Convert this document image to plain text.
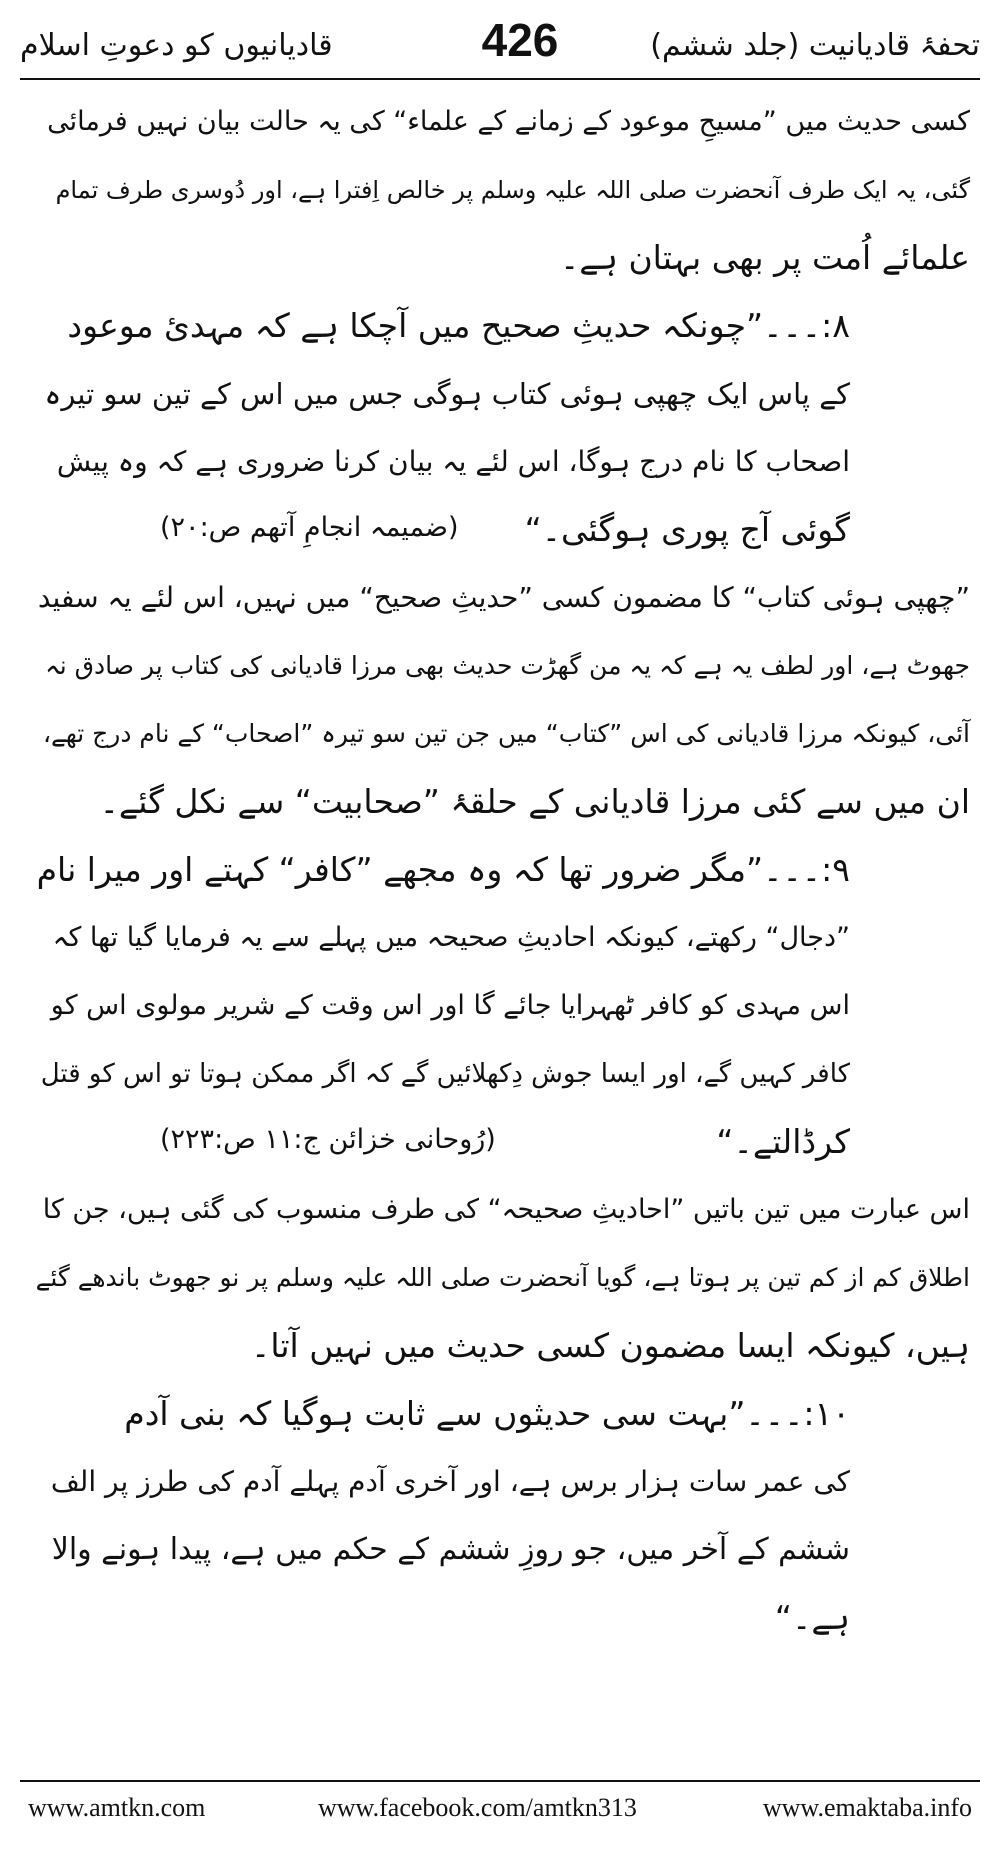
تحفۂ قادیانیت (جلد ششم)
426
قادیانیوں کو دعوتِ اسلام
کسی حدیث میں ”مسیحِ موعود کے زمانے کے علماء“ کی یہ حالت بیان نہیں فرمائی
گئی، یہ ایک طرف آنحضرت صلی اللہ علیہ وسلم پر خالص اِفترا ہے، اور دُوسری طرف تمام
علمائے اُمت پر بھی بہتان ہے۔
۸:۔۔۔”چونکہ حدیثِ صحیح میں آچکا ہے کہ مہدیٔ موعود
کے پاس ایک چھپی ہوئی کتاب ہوگی جس میں اس کے تین سو تیرہ
اصحاب کا نام درج ہوگا، اس لئے یہ بیان کرنا ضروری ہے کہ وہ پیش
گوئی آج پوری ہوگئی۔“
(ضمیمہ انجامِ آتھم ص:۲۰)
”چھپی ہوئی کتاب“ کا مضمون کسی ”حدیثِ صحیح“ میں نہیں، اس لئے یہ سفید
جھوٹ ہے، اور لطف یہ ہے کہ یہ من گھڑت حدیث بھی مرزا قادیانی کی کتاب پر صادق نہ
آئی، کیونکہ مرزا قادیانی کی اس ”کتاب“ میں جن تین سو تیرہ ”اصحاب“ کے نام درج تھے،
ان میں سے کئی مرزا قادیانی کے حلقۂ ”صحابیت“ سے نکل گئے۔
۹:۔۔۔”مگر ضرور تھا کہ وہ مجھے ”کافر“ کہتے اور میرا نام
”دجال“ رکھتے، کیونکہ احادیثِ صحیحہ میں پہلے سے یہ فرمایا گیا تھا کہ
اس مہدی کو کافر ٹھہرایا جائے گا اور اس وقت کے شریر مولوی اس کو
کافر کہیں گے، اور ایسا جوش دِکھلائیں گے کہ اگر ممکن ہوتا تو اس کو قتل
کرڈالتے۔“
(رُوحانی خزائن ج:۱۱ ص:۲۲۳)
اس عبارت میں تین باتیں ”احادیثِ صحیحہ“ کی طرف منسوب کی گئی ہیں، جن کا
اطلاق کم از کم تین پر ہوتا ہے، گویا آنحضرت صلی اللہ علیہ وسلم پر نو جھوٹ باندھے گئے
ہیں، کیونکہ ایسا مضمون کسی حدیث میں نہیں آتا۔
۱۰:۔۔۔”بہت سی حدیثوں سے ثابت ہوگیا کہ بنی آدم
کی عمر سات ہزار برس ہے، اور آخری آدم پہلے آدم کی طرز پر الف
ششم کے آخر میں، جو روزِ ششم کے حکم میں ہے، پیدا ہونے والا
ہے۔“
www.amtkn.com	www.facebook.com/amtkn313	www.emaktaba.info
